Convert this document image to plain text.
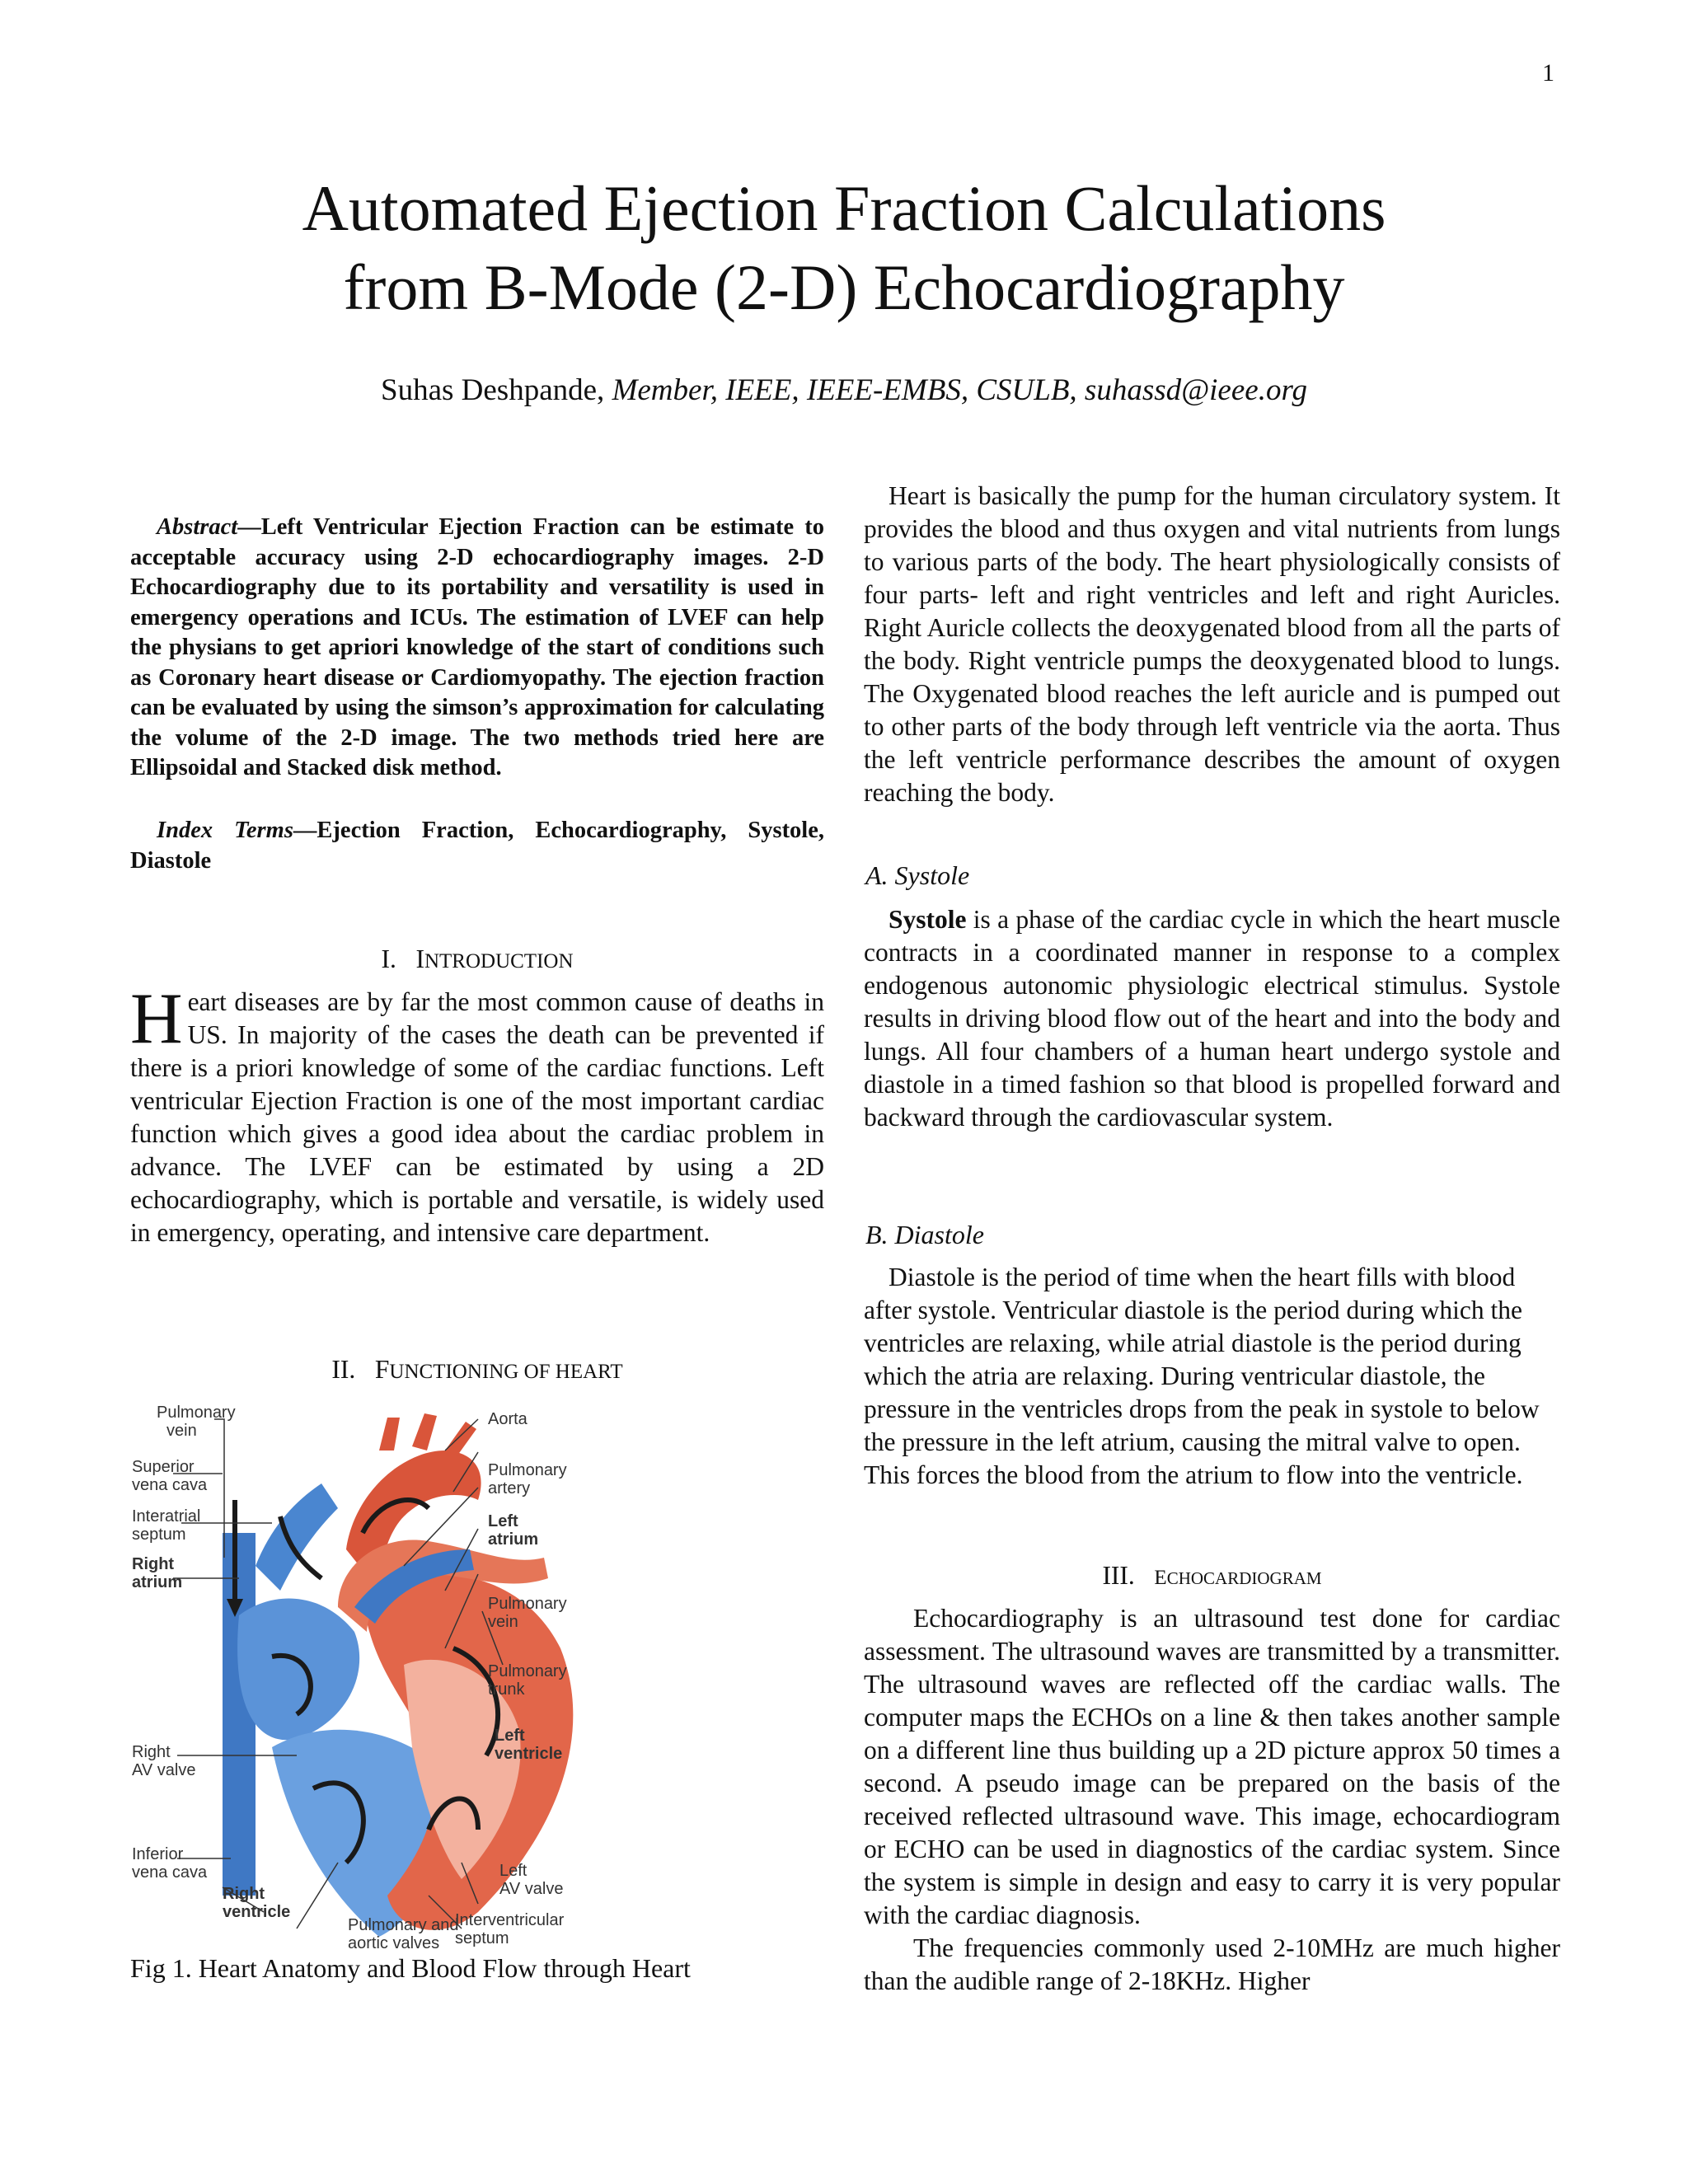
1
Automated Ejection Fraction Calculations
from B-Mode (2-D) Echocardiography
Suhas Deshpande, Member, IEEE, IEEE-EMBS, CSULB, suhassd@ieee.org

Abstract—Left Ventricular Ejection Fraction can be estimate to acceptable accuracy using 2-D echocardiography images. 2-D Echocardiography due to its portability and versatility is used in emergency operations and ICUs. The estimation of LVEF can help the physians to get apriori knowledge of the start of conditions such as Coronary heart disease or Cardiomyopathy. The ejection fraction can be evaluated by using the simson’s approximation for calculating the volume of the 2-D image. The two methods tried here are Ellipsoidal and Stacked disk method.

Index Terms—Ejection Fraction, Echocardiography, Systole, Diastole

I. INTRODUCTION

Heart diseases are by far the most common cause of deaths in US. In majority of the cases the death can be prevented if there is a priori knowledge of some of the cardiac functions. Left ventricular Ejection Fraction is one of the most important cardiac function which gives a good idea about the cardiac problem in advance. The LVEF can be estimated by using a 2D echocardiography, which is portable and versatile, is widely used in emergency, operating, and intensive care department.

II. FUNCTIONING OF HEART

Pulmonary
vein
Superior
vena cava
Interatrial
septum
Right
atrium
Right
AV valve
Inferior
vena cava
Right
ventricle
Pulmonary and
aortic valves
Aorta
Pulmonary
artery
Left
atrium
Pulmonary
vein
Pulmonary
trunk
Left
ventricle
Left
AV valve
Interventricular
septum
Fig 1. Heart Anatomy and Blood Flow through Heart

Heart is basically the pump for the human circulatory system. It provides the blood and thus oxygen and vital nutrients from lungs to various parts of the body. The heart physiologically consists of four parts- left and right ventricles and left and right Auricles. Right Auricle collects the deoxygenated blood from all the parts of the body. Right ventricle pumps the deoxygenated blood to lungs. The Oxygenated blood reaches the left auricle and is pumped out to other parts of the body through left ventricle via the aorta. Thus the left ventricle performance describes the amount of oxygen reaching the body.

A. Systole

Systole is a phase of the cardiac cycle in which the heart muscle contracts in a coordinated manner in response to a complex endogenous autonomic physiologic electrical stimulus. Systole results in driving blood flow out of the heart and into the body and lungs. All four chambers of a human heart undergo systole and diastole in a timed fashion so that blood is propelled forward and backward through the cardiovascular system.

B. Diastole

Diastole is the period of time when the heart fills with blood after systole. Ventricular diastole is the period during which the ventricles are relaxing, while atrial diastole is the period during which the atria are relaxing. During ventricular diastole, the pressure in the ventricles drops from the peak in systole to below the pressure in the left atrium, causing the mitral valve to open. This forces the blood from the atrium to flow into the ventricle.

III. ECHOCARDIOGRAM

Echocardiography is an ultrasound test done for cardiac assessment. The ultrasound waves are transmitted by a transmitter. The ultrasound waves are reflected off the cardiac walls. The computer maps the ECHOs on a line & then takes another sample on a different line thus building up a 2D picture approx 50 times a second. A pseudo image can be prepared on the basis of the received reflected ultrasound wave. This image, echocardiogram or ECHO can be used in diagnostics of the cardiac system. Since the system is simple in design and easy to carry it is very popular with the cardiac diagnosis.

The frequencies commonly used 2-10MHz are much higher than the audible range of 2-18KHz. Higher
